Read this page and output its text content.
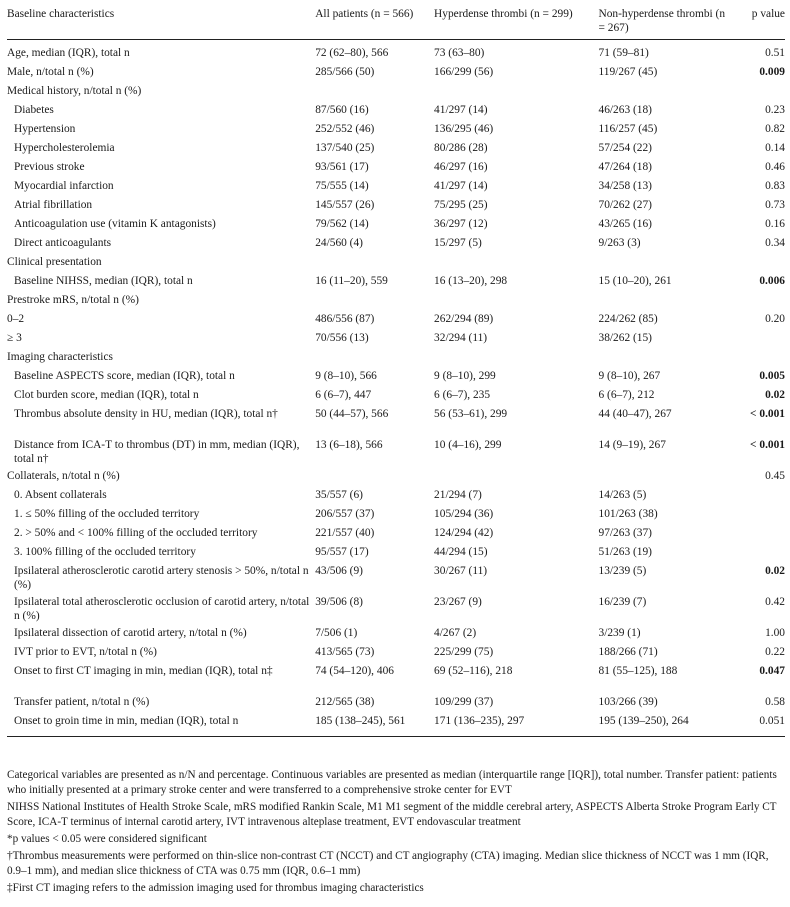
Baseline characteristics	All patients (n = 566)	Hyperdense thrombi (n = 299)	Non-hyperdense thrombi (n = 267)	p value
Age, median (IQR), total n	72 (62–80), 566	73 (63–80)	71 (59–81)	0.51
Male, n/total n (%)	285/566 (50)	166/299 (56)	119/267 (45)	0.009
Medical history, n/total n (%)				
Diabetes	87/560 (16)	41/297 (14)	46/263 (18)	0.23
Hypertension	252/552 (46)	136/295 (46)	116/257 (45)	0.82
Hypercholesterolemia	137/540 (25)	80/286 (28)	57/254 (22)	0.14
Previous stroke	93/561 (17)	46/297 (16)	47/264 (18)	0.46
Myocardial infarction	75/555 (14)	41/297 (14)	34/258 (13)	0.83
Atrial fibrillation	145/557 (26)	75/295 (25)	70/262 (27)	0.73
Anticoagulation use (vitamin K antagonists)	79/562 (14)	36/297 (12)	43/265 (16)	0.16
Direct anticoagulants	24/560 (4)	15/297 (5)	9/263 (3)	0.34
Clinical presentation				
Baseline NIHSS, median (IQR), total n	16 (11–20), 559	16 (13–20), 298	15 (10–20), 261	0.006
Prestroke mRS, n/total n (%)				
0–2	486/556 (87)	262/294 (89)	224/262 (85)	0.20
≥ 3	70/556 (13)	32/294 (11)	38/262 (15)	
Imaging characteristics				
Baseline ASPECTS score, median (IQR), total n	9 (8–10), 566	9 (8–10), 299	9 (8–10), 267	0.005
Clot burden score, median (IQR), total n	6 (6–7), 447	6 (6–7), 235	6 (6–7), 212	0.02
Thrombus absolute density in HU, median (IQR), total n†	50 (44–57), 566	56 (53–61), 299	44 (40–47), 267	< 0.001
Distance from ICA-T to thrombus (DT) in mm, median (IQR), total n†	13 (6–18), 566	10 (4–16), 299	14 (9–19), 267	< 0.001
Collaterals, n/total n (%)				0.45
0. Absent collaterals	35/557 (6)	21/294 (7)	14/263 (5)	
1. ≤ 50% filling of the occluded territory	206/557 (37)	105/294 (36)	101/263 (38)	
2. > 50% and < 100% filling of the occluded territory	221/557 (40)	124/294 (42)	97/263 (37)	
3. 100% filling of the occluded territory	95/557 (17)	44/294 (15)	51/263 (19)	
Ipsilateral atherosclerotic carotid artery stenosis > 50%, n/total n (%)	43/506 (9)	30/267 (11)	13/239 (5)	0.02
Ipsilateral total atherosclerotic occlusion of carotid artery, n/total n (%)	39/506 (8)	23/267 (9)	16/239 (7)	0.42
Ipsilateral dissection of carotid artery, n/total n (%)	7/506 (1)	4/267 (2)	3/239 (1)	1.00
IVT prior to EVT, n/total n (%)	413/565 (73)	225/299 (75)	188/266 (71)	0.22
Onset to first CT imaging in min, median (IQR), total n‡	74 (54–120), 406	69 (52–116), 218	81 (55–125), 188	0.047
Transfer patient, n/total n (%)	212/565 (38)	109/299 (37)	103/266 (39)	0.58
Onset to groin time in min, median (IQR), total n	185 (138–245), 561	171 (136–235), 297	195 (139–250), 264	0.051

Categorical variables are presented as n/N and percentage. Continuous variables are presented as median (interquartile range [IQR]), total number. Transfer patient: patients who initially presented at a primary stroke center and were transferred to a comprehensive stroke center for EVT

NIHSS National Institutes of Health Stroke Scale, mRS modified Rankin Scale, M1 M1 segment of the middle cerebral artery, ASPECTS Alberta Stroke Program Early CT Score, ICA-T terminus of internal carotid artery, IVT intravenous alteplase treatment, EVT endovascular treatment

*p values < 0.05 were considered significant

†Thrombus measurements were performed on thin-slice non-contrast CT (NCCT) and CT angiography (CTA) imaging. Median slice thickness of NCCT was 1 mm (IQR, 0.9–1 mm), and median slice thickness of CTA was 0.75 mm (IQR, 0.6–1 mm)

‡First CT imaging refers to the admission imaging used for thrombus imaging characteristics
